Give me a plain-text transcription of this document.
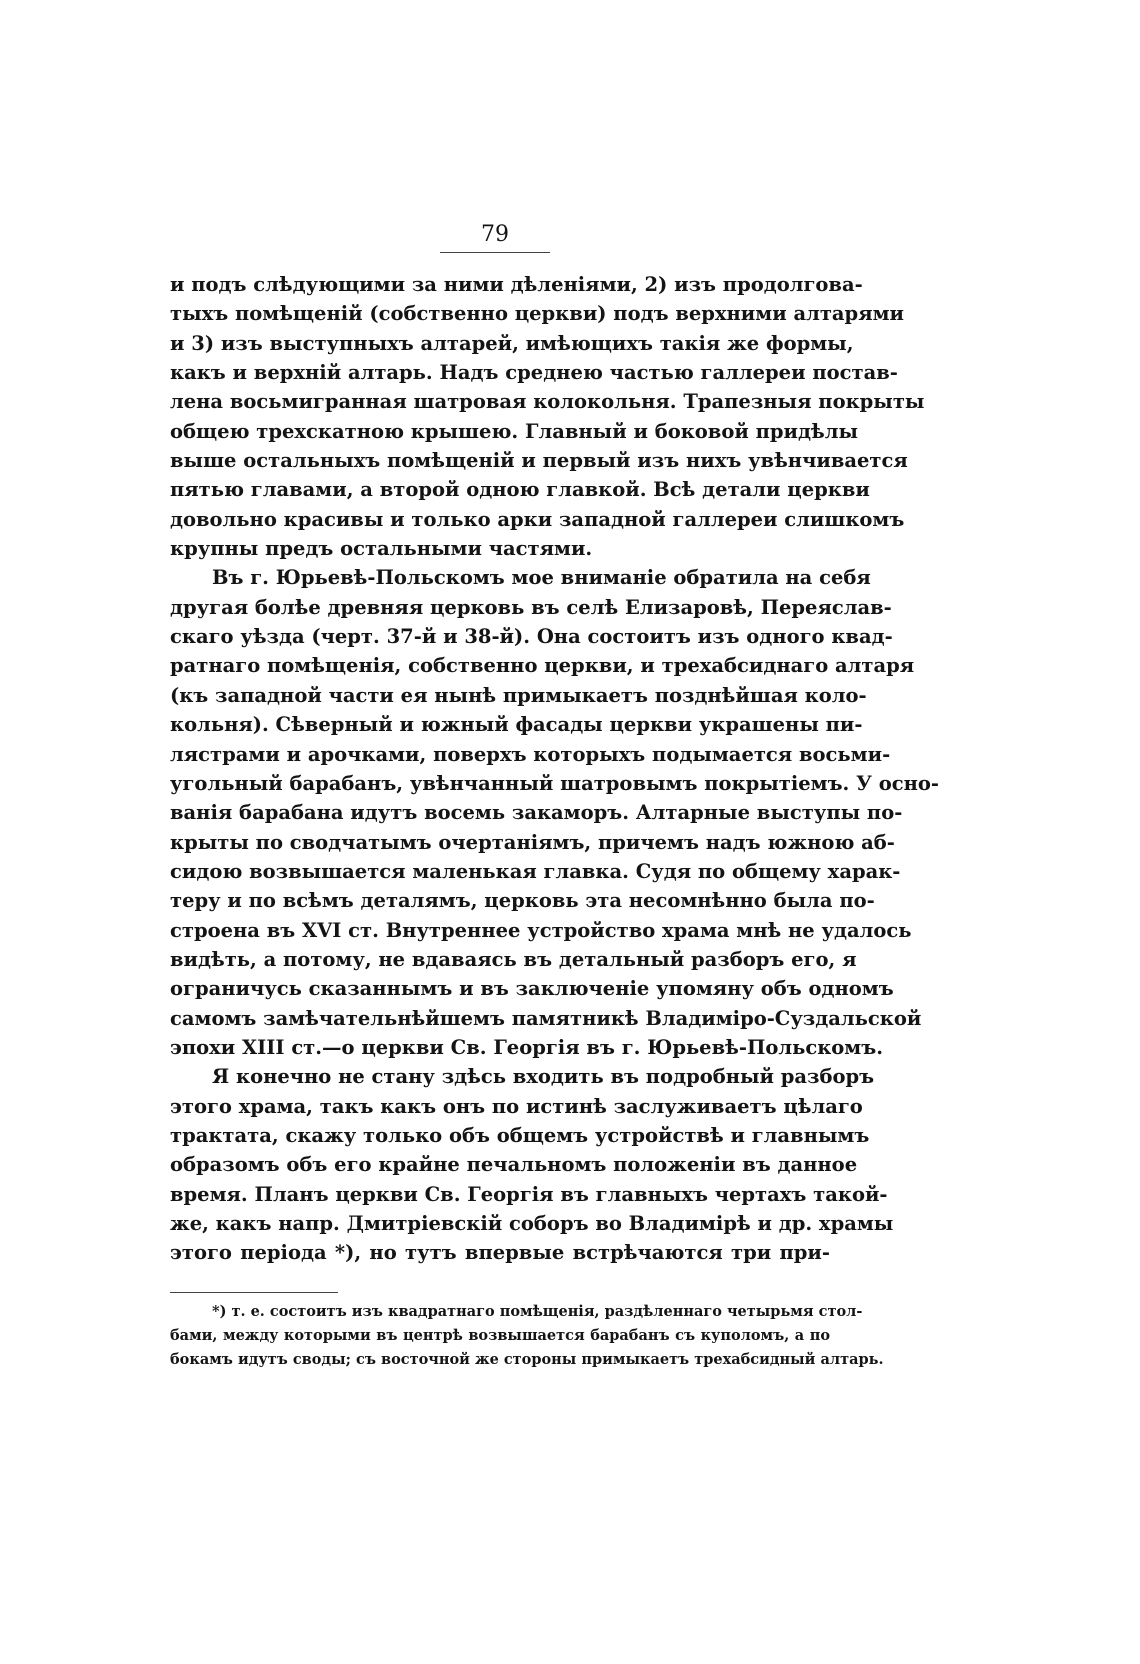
79
и подъ слѣдующими за ними дѣленiями, 2) изъ продолгова-
тыхъ помѣщенiй (собственно церкви) подъ верхними алтарями
и 3) изъ выступныхъ алтарей, имѣющихъ такiя же формы,
какъ и верхнiй алтарь. Надъ среднею частью галлереи постав-
лена восьмигранная шатровая колокольня. Трапезныя покрыты
общею трехскатною крышею. Главный и боковой придѣлы
выше остальныхъ помѣщенiй и первый изъ нихъ увѣнчивается
пятью главами, а второй одною главкой. Всѣ детали церкви
довольно красивы и только арки западной галлереи слишкомъ
крупны предъ остальными частями.
Въ г. Юрьевѣ-Польскомъ мое вниманiе обратила на себя
другая болѣе древняя церковь въ селѣ Елизаровѣ, Переяслав-
скаго уѣзда (черт. 37-й и 38-й). Она состоитъ изъ одного квад-
ратнаго помѣщенiя, собственно церкви, и трехабсиднаго алтаря
(къ западной части ея нынѣ примыкаетъ позднѣйшая коло-
кольня). Сѣверный и южный фасады церкви украшены пи-
лястрами и арочками, поверхъ которыхъ подымается восьми-
угольный барабанъ, увѣнчанный шатровымъ покрытiемъ. У осно-
ванiя барабана идутъ восемь закаморъ. Алтарные выступы по-
крыты по сводчатымъ очертанiямъ, причемъ надъ южною аб-
сидою возвышается маленькая главка. Судя по общему харак-
теру и по всѣмъ деталямъ, церковь эта несомнѣнно была по-
строена въ XVI ст. Внутреннее устройство храма мнѣ не удалось
видѣть, а потому, не вдаваясь въ детальный разборъ его, я
ограничусь сказаннымъ и въ заключенiе упомяну объ одномъ
самомъ замѣчательнѣйшемъ памятникѣ Владимiро-Суздальской
эпохи XIII ст.—о церкви Св. Георгiя въ г. Юрьевѣ-Польскомъ.
Я конечно не стану здѣсь входить въ подробный разборъ
этого храма, такъ какъ онъ по истинѣ заслуживаетъ цѣлаго
трактата, скажу только объ общемъ устройствѣ и главнымъ
образомъ объ его крайне печальномъ положенiи въ данное
время. Планъ церкви Св. Георгiя въ главныхъ чертахъ такой-
же, какъ напр. Дмитрiевскiй соборъ во Владимiрѣ и др. храмы
этого перiода *), но тутъ впервые встрѣчаются три при-
*) т. е. состоитъ изъ квадратнаго помѣщенiя, раздѣленнаго четырьмя стол-
бами, между которыми въ центрѣ возвышается барабанъ съ куполомъ, а по
бокамъ идутъ своды; съ восточной же стороны примыкаетъ трехабсидный алтарь.
